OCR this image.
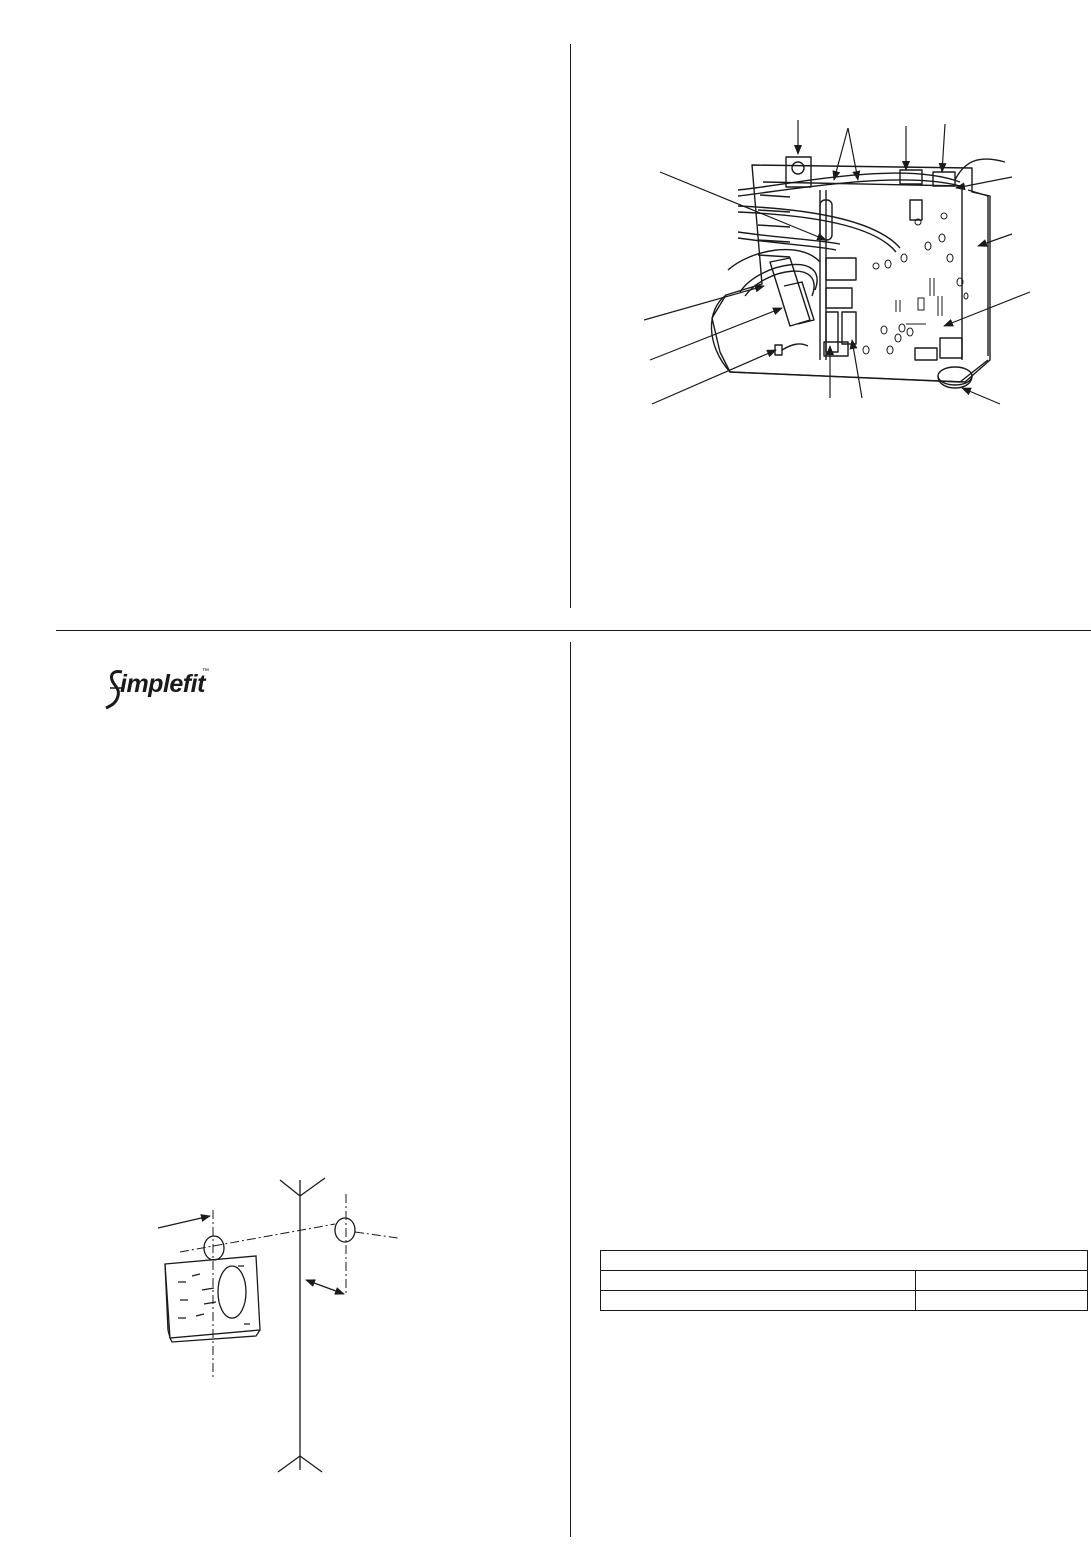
implefit
™
